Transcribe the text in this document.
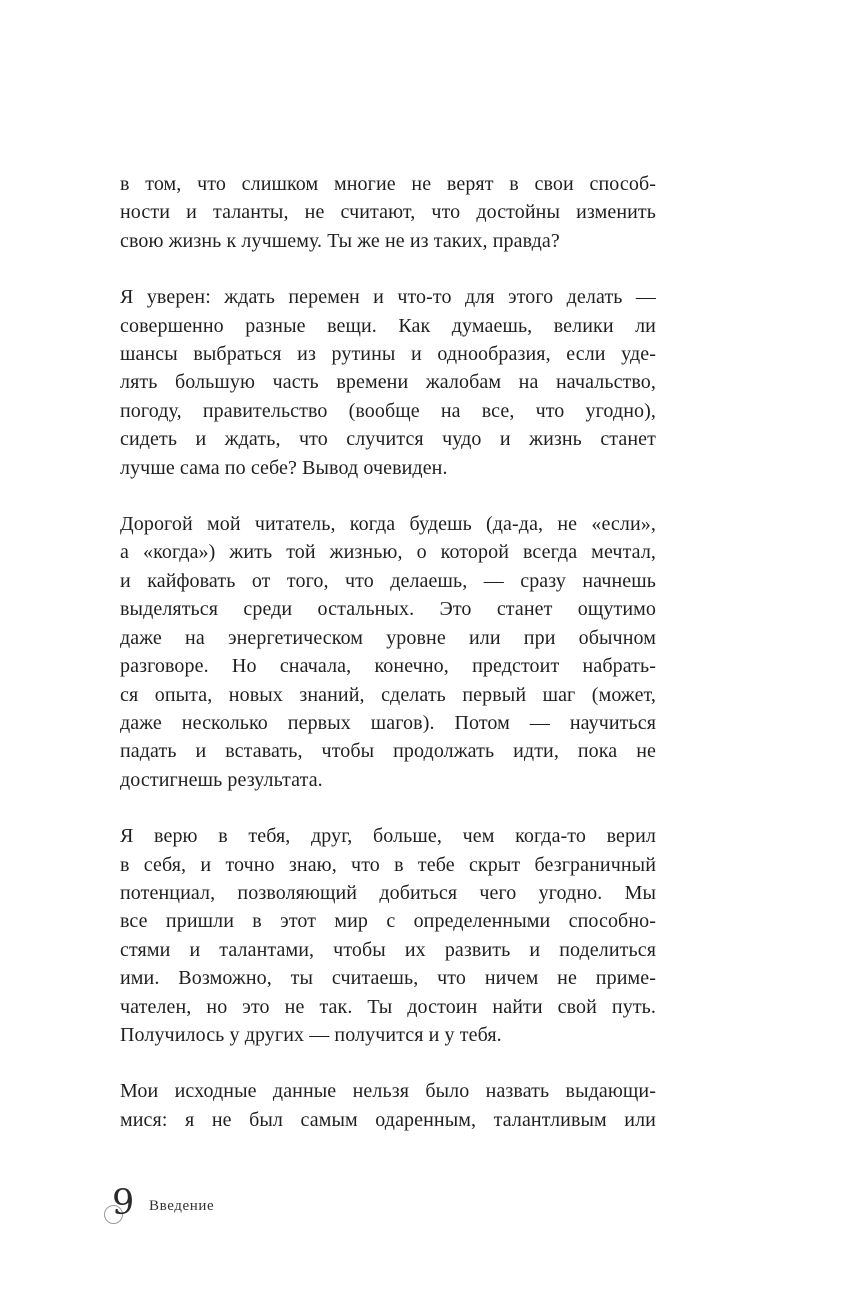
в том, что слишком многие не верят в свои способ-
ности и таланты, не считают, что достойны изменить
свою жизнь к лучшему. Ты же не из таких, правда?

Я уверен: ждать перемен и что-то для этого делать —
совершенно разные вещи. Как думаешь, велики ли
шансы выбраться из рутины и однообразия, если уде-
лять большую часть времени жалобам на начальство,
погоду, правительство (вообще на все, что угодно),
сидеть и ждать, что случится чудо и жизнь станет
лучше сама по себе? Вывод очевиден.

Дорогой мой читатель, когда будешь (да-да, не «если»,
а «когда») жить той жизнью, о которой всегда мечтал,
и кайфовать от того, что делаешь, — сразу начнешь
выделяться среди остальных. Это станет ощутимо
даже на энергетическом уровне или при обычном
разговоре. Но сначала, конечно, предстоит набрать-
ся опыта, новых знаний, сделать первый шаг (может,
даже несколько первых шагов). Потом — научиться
падать и вставать, чтобы продолжать идти, пока не
достигнешь результата.

Я верю в тебя, друг, больше, чем когда-то верил
в себя, и точно знаю, что в тебе скрыт безграничный
потенциал, позволяющий добиться чего угодно. Мы
все пришли в этот мир с определенными способно-
стями и талантами, чтобы их развить и поделиться
ими. Возможно, ты считаешь, что ничем не приме-
чателен, но это не так. Ты достоин найти свой путь.
Получилось у других — получится и у тебя.

Мои исходные данные нельзя было назвать выдающи-
мися: я не был самым одаренным, талантливым или

9 Введение
